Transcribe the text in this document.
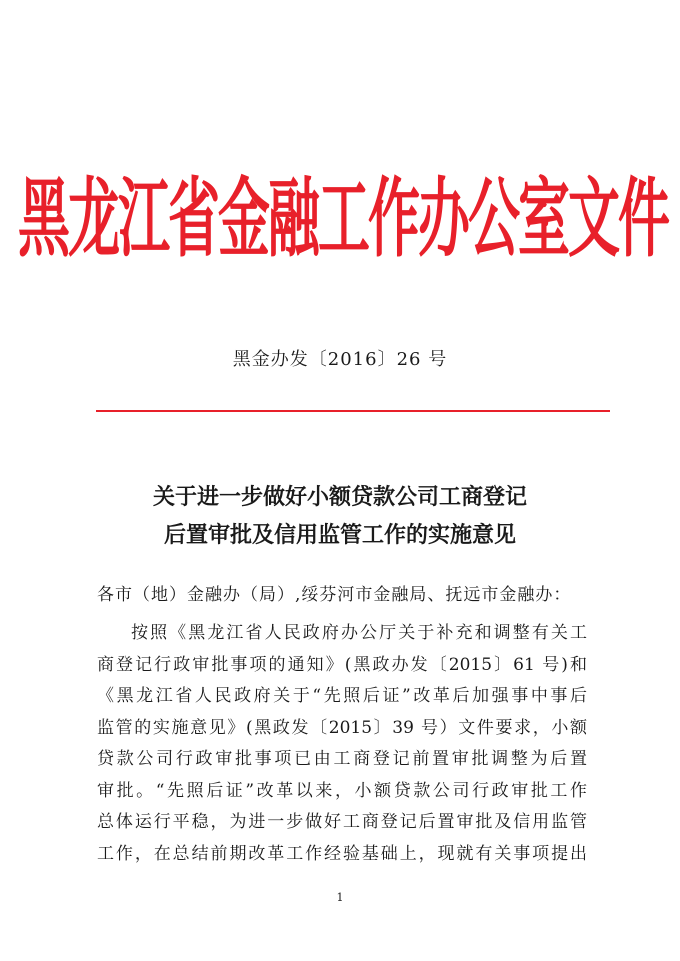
黑龙江省金融工作办公室文件
黑金办发〔2016〕26 号
关于进一步做好小额贷款公司工商登记
后置审批及信用监管工作的实施意见
各市（地）金融办（局）,绥芬河市金融局、抚远市金融办：
按照《黑龙江省人民政府办公厅关于补充和调整有关工
商登记行政审批事项的通知》(黑政办发〔2015〕61 号)和
《黑龙江省人民政府关于“先照后证”改革后加强事中事后
监管的实施意见》(黑政发〔2015〕39 号）文件要求，小额
贷款公司行政审批事项已由工商登记前置审批调整为后置
审批。“先照后证”改革以来，小额贷款公司行政审批工作
总体运行平稳，为进一步做好工商登记后置审批及信用监管
工作，在总结前期改革工作经验基础上，现就有关事项提出
1
